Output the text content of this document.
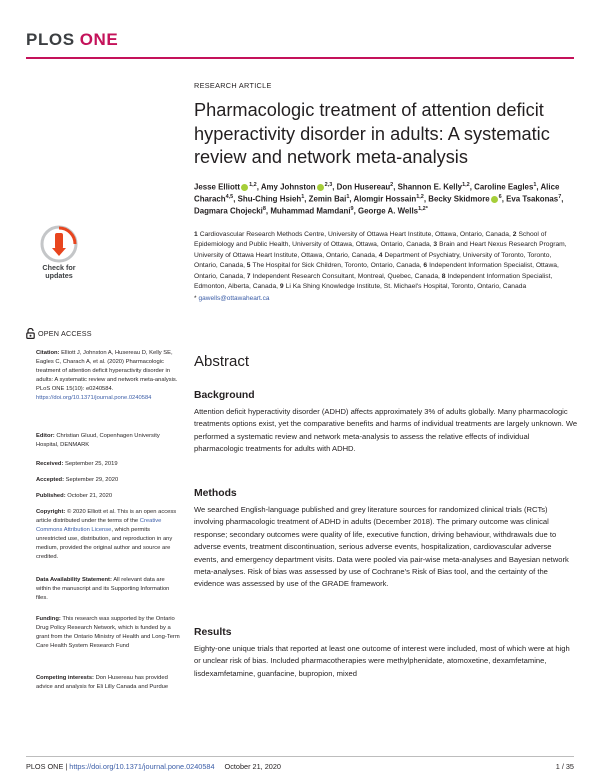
PLOS ONE
Check for updates
OPEN ACCESS
Citation: Elliott J, Johnston A, Husereau D, Kelly SE, Eagles C, Charach A, et al. (2020) Pharmacologic treatment of attention deficit hyperactivity disorder in adults: A systematic review and network meta-analysis. PLoS ONE 15(10): e0240584. https://doi.org/10.1371/journal.pone.0240584
Editor: Christian Gluud, Copenhagen University Hospital, DENMARK
Received: September 25, 2019
Accepted: September 29, 2020
Published: October 21, 2020
Copyright: © 2020 Elliott et al. This is an open access article distributed under the terms of the Creative Commons Attribution License, which permits unrestricted use, distribution, and reproduction in any medium, provided the original author and source are credited.
Data Availability Statement: All relevant data are within the manuscript and its Supporting Information files.
Funding: This research was supported by the Ontario Drug Policy Research Network, which is funded by a grant from the Ontario Ministry of Health and Long-Term Care Health System Research Fund
Competing interests: Don Husereau has provided advice and analysis for Eli Lilly Canada and Purdue
RESEARCH ARTICLE
Pharmacologic treatment of attention deficit hyperactivity disorder in adults: A systematic review and network meta-analysis
Jesse Elliott $^{1,2}$, Amy Johnston $^{2,3}$, Don Husereau$^2$, Shannon E. Kelly$^{1,2}$, Caroline Eagles$^1$, Alice Charach$^{4,5}$, Shu-Ching Hsieh$^1$, Zemin Bai$^1$, Alomgir Hossain$^{1,2}$, Becky Skidmore $^6$, Eva Tsakonas$^7$, Dagmara Chojecki$^8$, Muhammad Mamdani$^9$, George A. Wells$^{1,2*}$
1 Cardiovascular Research Methods Centre, University of Ottawa Heart Institute, Ottawa, Ontario, Canada, 2 School of Epidemiology and Public Health, University of Ottawa, Ottawa, Ontario, Canada, 3 Brain and Heart Nexus Research Program, University of Ottawa Heart Institute, Ottawa, Ontario, Canada, 4 Department of Psychiatry, University of Toronto, Toronto, Ontario, Canada, 5 The Hospital for Sick Children, Toronto, Ontario, Canada, 6 Independent Information Specialist, Ottawa, Ontario, Canada, 7 Independent Research Consultant, Montreal, Quebec, Canada, 8 Independent Information Specialist, Edmonton, Alberta, Canada, 9 Li Ka Shing Knowledge Institute, St. Michael's Hospital, Toronto, Ontario, Canada
* gawells@ottawaheart.ca
Abstract
Background
Attention deficit hyperactivity disorder (ADHD) affects approximately 3% of adults globally. Many pharmacologic treatments options exist, yet the comparative benefits and harms of individual treatments are largely unknown. We performed a systematic review and network meta-analysis to assess the relative effects of individual pharmacologic treatments for adults with ADHD.
Methods
We searched English-language published and grey literature sources for randomized clinical trials (RCTs) involving pharmacologic treatment of ADHD in adults (December 2018). The primary outcome was clinical response; secondary outcomes were quality of life, executive function, driving behaviour, withdrawals due to adverse events, treatment discontinuation, serious adverse events, hospitalization, cardiovascular adverse events, and emergency department visits. Data were pooled via pair-wise meta-analyses and Bayesian network meta-analyses. Risk of bias was assessed by use of Cochrane's Risk of Bias tool, and the certainty of the evidence was assessed by use of the GRADE framework.
Results
Eighty-one unique trials that reported at least one outcome of interest were included, most of which were at high or unclear risk of bias. Included pharmacotherapies were methylphenidate, atomoxetine, dexamfetamine, lisdexamfetamine, guanfacine, bupropion, mixed
PLOS ONE | https://doi.org/10.1371/journal.pone.0240584 October 21, 2020	1 / 35
